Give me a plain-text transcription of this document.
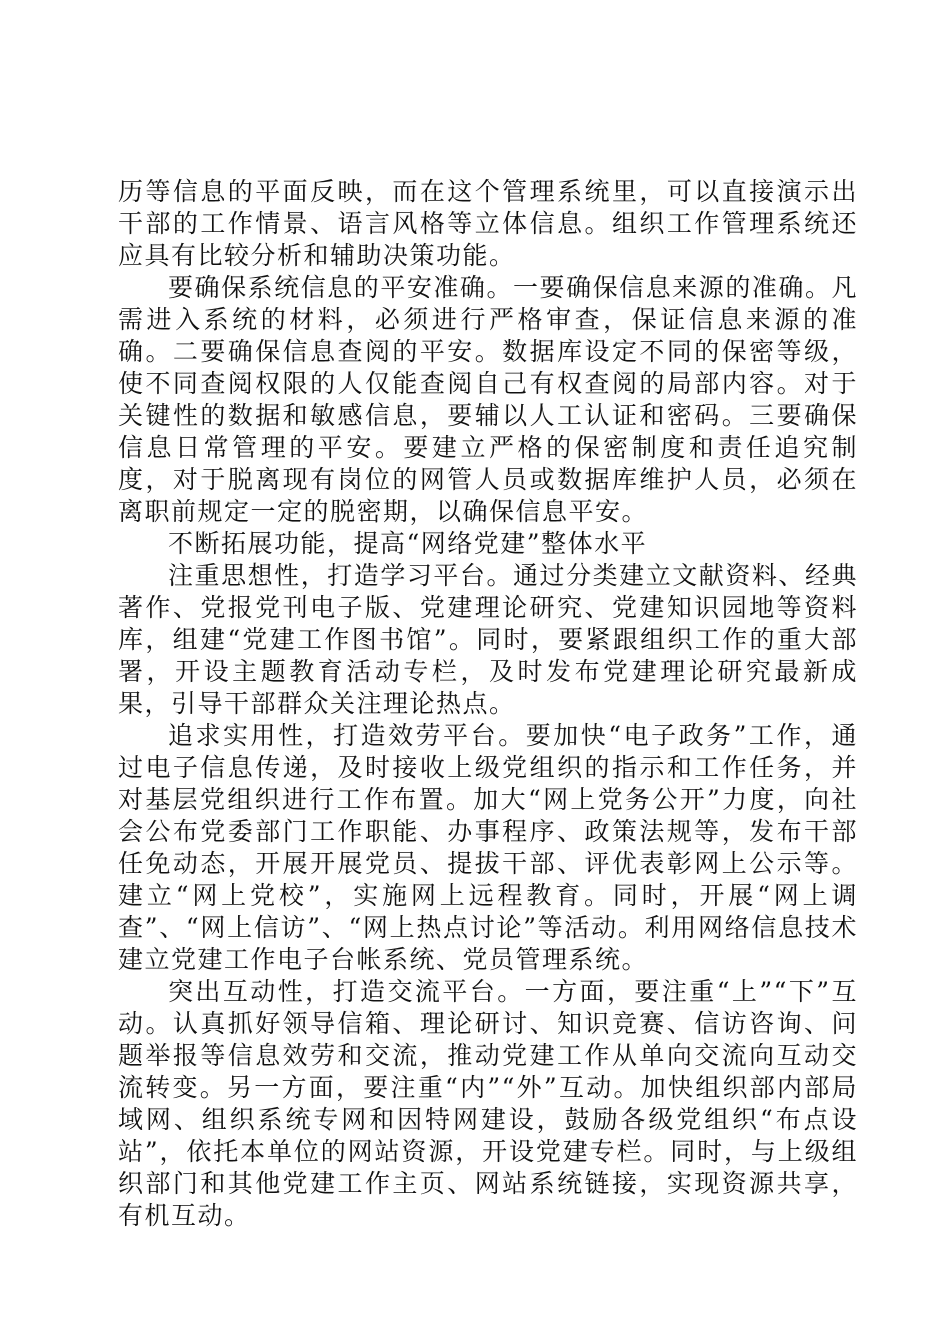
历等信息的平面反映，而在这个管理系统里，可以直接演示出干部的工作情景、语言风格等立体信息。组织工作管理系统还应具有比较分析和辅助决策功能。

要确保系统信息的平安准确。一要确保信息来源的准确。凡需进入系统的材料，必须进行严格审查，保证信息来源的准确。二要确保信息查阅的平安。数据库设定不同的保密等级，使不同查阅权限的人仅能查阅自己有权查阅的局部内容。对于关键性的数据和敏感信息，要辅以人工认证和密码。三要确保信息日常管理的平安。要建立严格的保密制度和责任追究制度，对于脱离现有岗位的网管人员或数据库维护人员，必须在离职前规定一定的脱密期，以确保信息平安。

不断拓展功能，提高“网络党建”整体水平

注重思想性，打造学习平台。通过分类建立文献资料、经典著作、党报党刊电子版、党建理论研究、党建知识园地等资料库，组建“党建工作图书馆”。同时，要紧跟组织工作的重大部署，开设主题教育活动专栏，及时发布党建理论研究最新成果，引导干部群众关注理论热点。

追求实用性，打造效劳平台。要加快“电子政务”工作，通过电子信息传递，及时接收上级党组织的指示和工作任务，并对基层党组织进行工作布置。加大“网上党务公开”力度，向社会公布党委部门工作职能、办事程序、政策法规等，发布干部任免动态，开展开展党员、提拔干部、评优表彰网上公示等。建立“网上党校”，实施网上远程教育。同时，开展“网上调查”、“网上信访”、“网上热点讨论”等活动。利用网络信息技术建立党建工作电子台帐系统、党员管理系统。

突出互动性，打造交流平台。一方面，要注重“上”“下”互动。认真抓好领导信箱、理论研讨、知识竞赛、信访咨询、问题举报等信息效劳和交流，推动党建工作从单向交流向互动交流转变。另一方面，要注重“内”“外”互动。加快组织部内部局域网、组织系统专网和因特网建设，鼓励各级党组织“布点设站”，依托本单位的网站资源，开设党建专栏。同时，与上级组织部门和其他党建工作主页、网站系统链接，实现资源共享，有机互动。
